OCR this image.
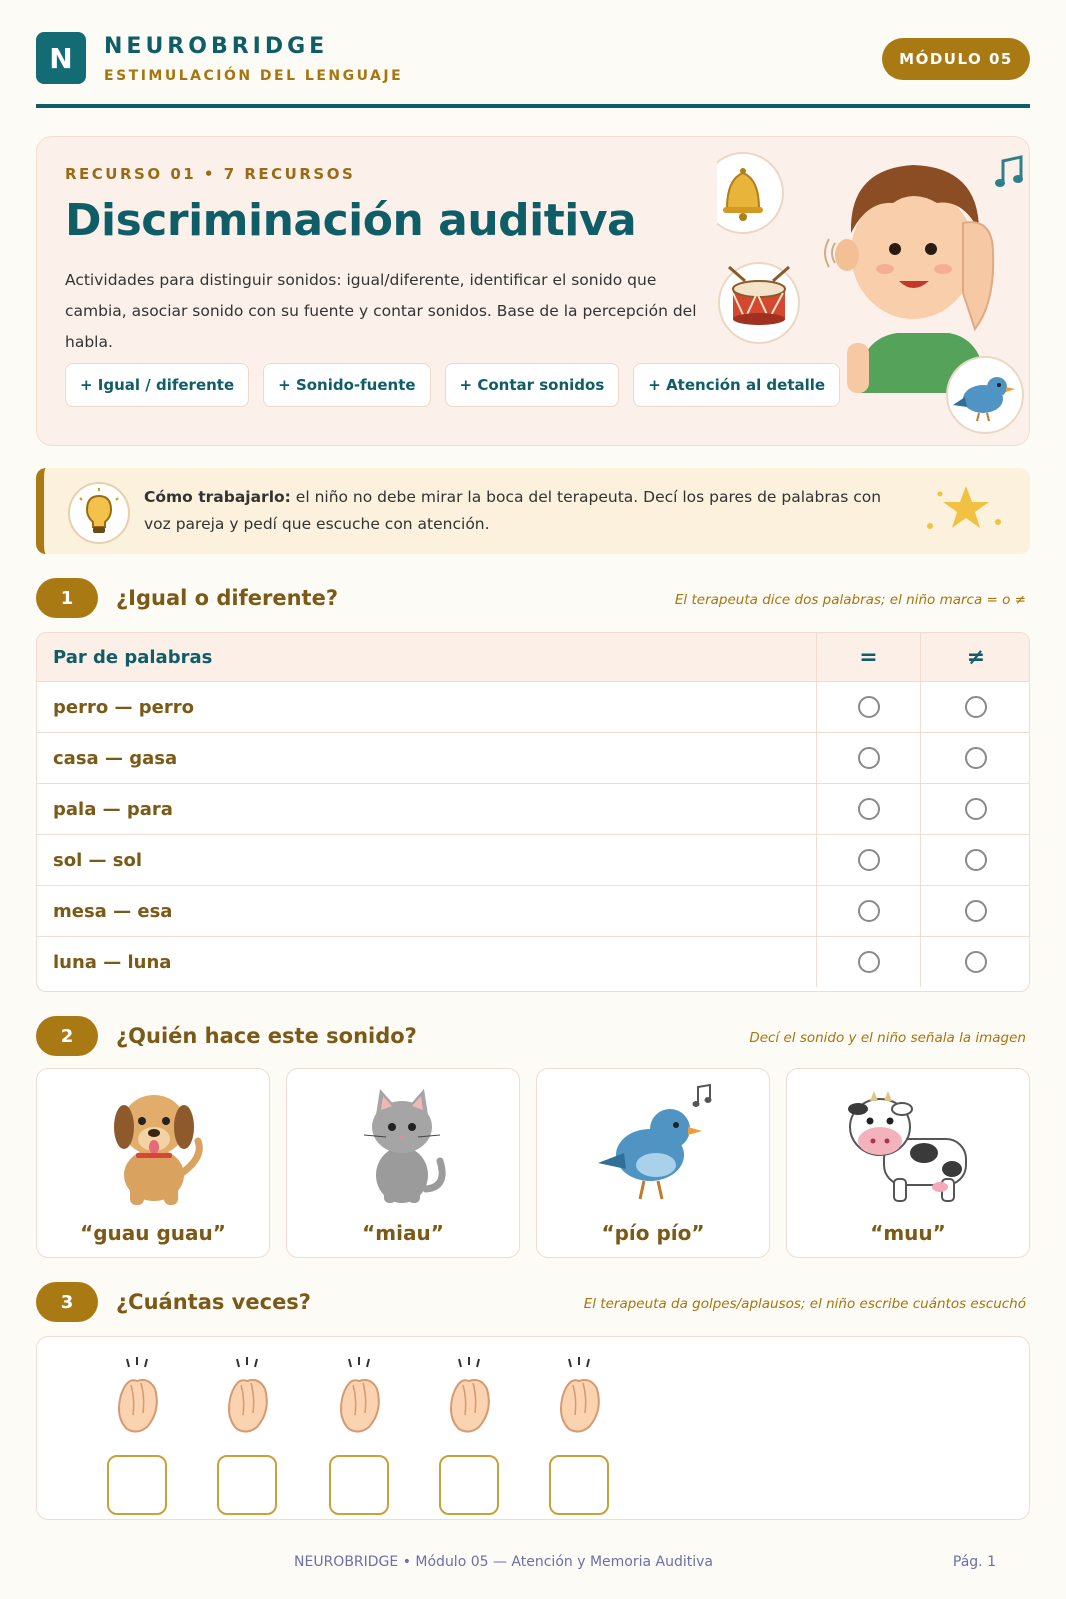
N	NEUROBRIDGE
ESTIMULACIÓN DEL LENGUAJE
MÓDULO 05
RECURSO 01 • 7 RECURSOS
Discriminación auditiva
Actividades para distinguir sonidos: igual/diferente, identificar el sonido que cambia, asociar sonido con su fuente y contar sonidos. Base de la percepción del habla.
+ Igual / diferente	+ Sonido-fuente	+ Contar sonidos	+ Atención al detalle
Cómo trabajarlo: el niño no debe mirar la boca del terapeuta. Decí los pares de palabras con voz pareja y pedí que escuche con atención.
1	¿Igual o diferente?	El terapeuta dice dos palabras; el niño marca = o ≠
Par de palabras	=	≠
perro — perro
casa — gasa
pala — para
sol — sol
mesa — esa
luna — luna
2	¿Quién hace este sonido?	Decí el sonido y el niño señala la imagen
“guau guau”	“miau”	“pío pío”	“muu”
3	¿Cuántas veces?	El terapeuta da golpes/aplausos; el niño escribe cuántos escuchó
NEUROBRIDGE • Módulo 05 — Atención y Memoria Auditiva	Pág. 1
